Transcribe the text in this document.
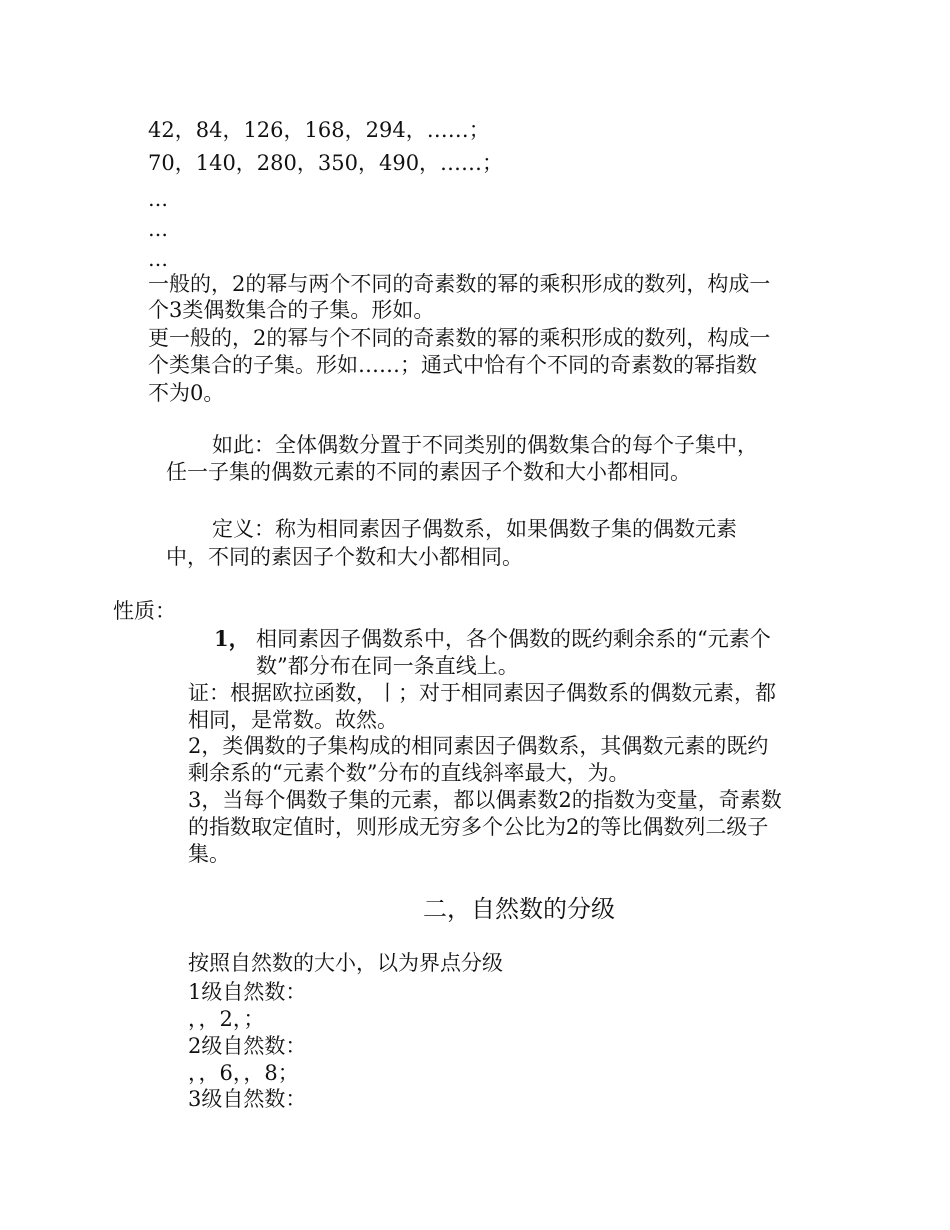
42，84，126，168，294，……；
70，140，280，350，490，……；
…
…
…
一般的，2的幂与两个不同的奇素数的幂的乘积形成的数列，构成一
个3类偶数集合的子集。形如。
更一般的，2的幂与个不同的奇素数的幂的乘积形成的数列，构成一
个类集合的子集。形如……；通式中恰有个不同的奇素数的幂指数
不为0。
如此：全体偶数分置于不同类别的偶数集合的每个子集中，
任一子集的偶数元素的不同的素因子个数和大小都相同。
定义：称为相同素因子偶数系，如果偶数子集的偶数元素
中，不同的素因子个数和大小都相同。
性质：
1， 相同素因子偶数系中，各个偶数的既约剩余系的“元素个
数”都分布在同一条直线上。
证：根据欧拉函数，丨；对于相同素因子偶数系的偶数元素，都
相同，是常数。故然。
2，类偶数的子集构成的相同素因子偶数系，其偶数元素的既约
剩余系的“元素个数”分布的直线斜率最大，为。
3，当每个偶数子集的元素，都以偶素数2的指数为变量，奇素数
的指数取定值时，则形成无穷多个公比为2的等比偶数列二级子
集。
二，自然数的分级
按照自然数的大小，以为界点分级
1级自然数：
，，2，；
2级自然数：
，，6，，8；
3级自然数：
